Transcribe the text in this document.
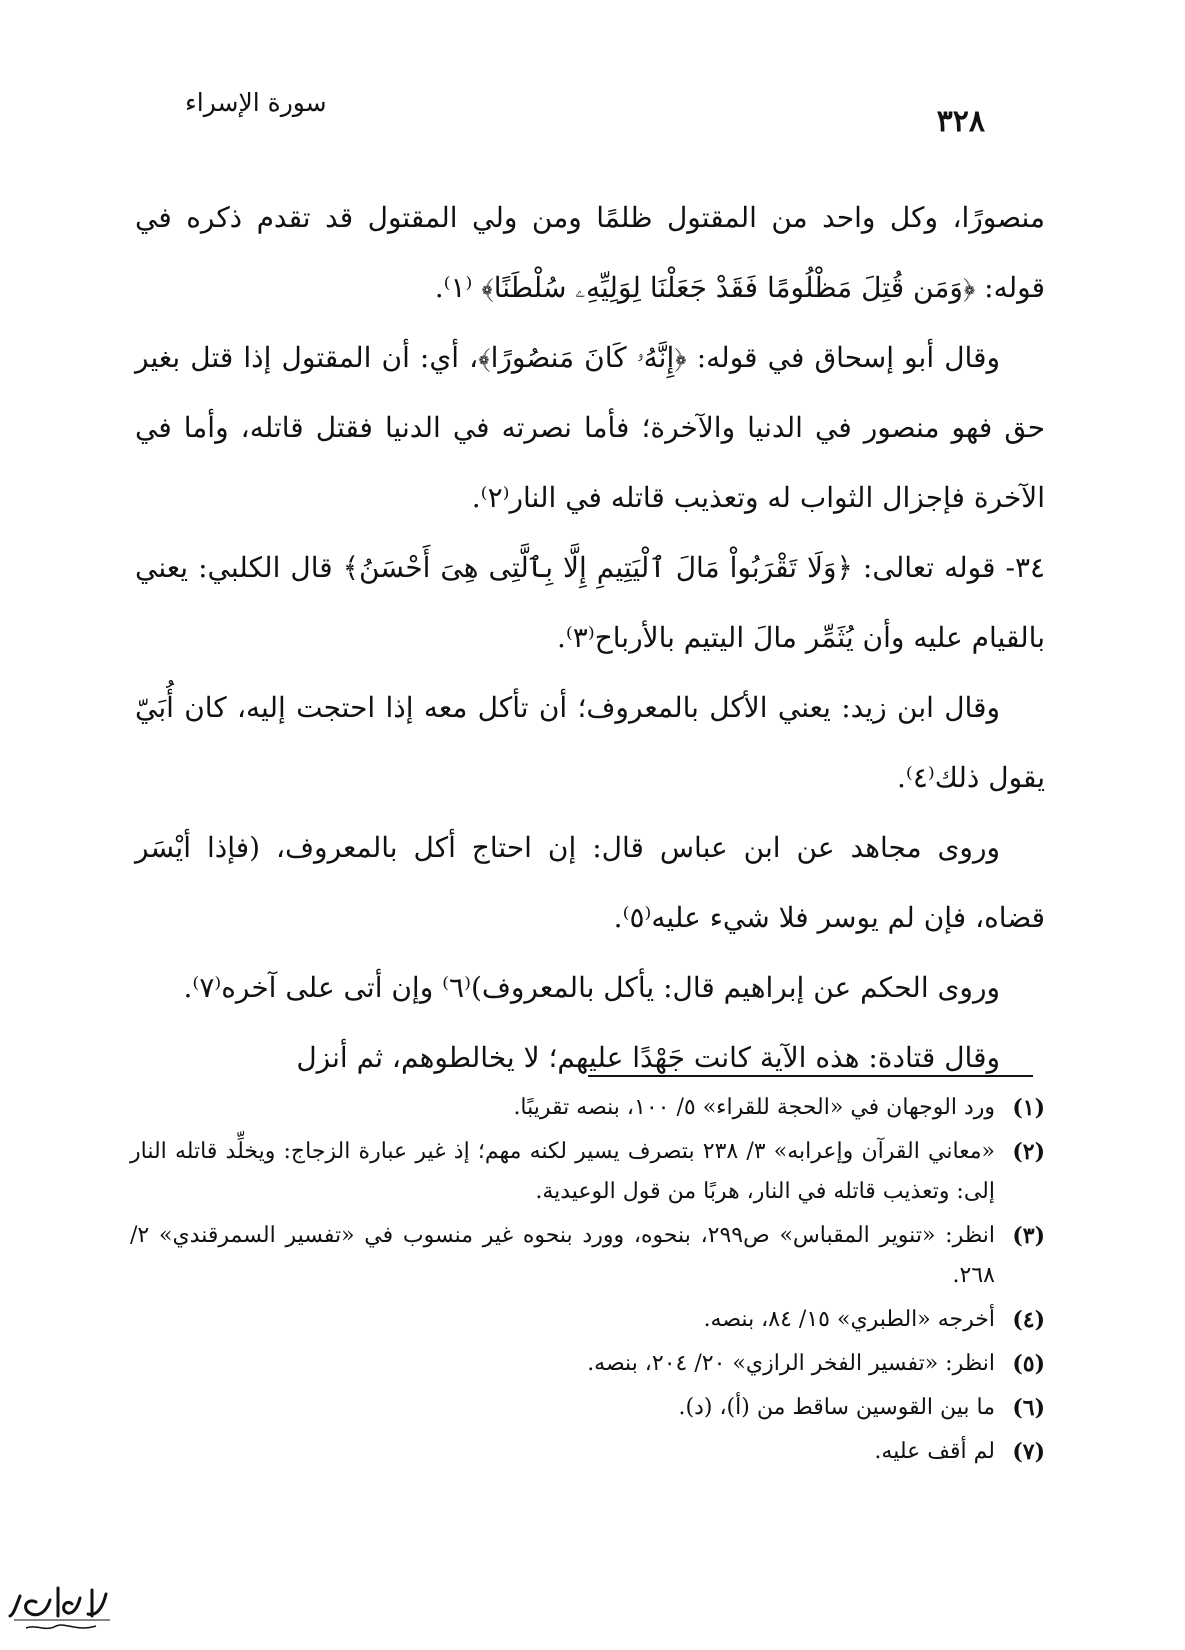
سورة الإسراء
٣٢٨

منصورًا، وكل واحد من المقتول ظلمًا ومن ولي المقتول قد تقدم ذكره في قوله: ﴿وَمَن قُتِلَ مَظْلُومًا فَقَدْ جَعَلْنَا لِوَلِيِّهِۦ سُلْطَنًا﴾ ⁽١⁾.

وقال أبو إسحاق في قوله: ﴿إِنَّهُۥ كَانَ مَنصُورًا﴾، أي: أن المقتول إذا قتل بغير حق فهو منصور في الدنيا والآخرة؛ فأما نصرته في الدنيا فقتل قاتله، وأما في الآخرة فإجزال الثواب له وتعذيب قاتله في النار⁽٢⁾.

٣٤- قوله تعالى: ﴿وَلَا تَقْرَبُواْ مَالَ ٱلْيَتِيمِ إِلَّا بِٱلَّتِى هِىَ أَحْسَنُ﴾ قال الكلبي: يعني بالقيام عليه وأن يُثَمِّر مالَ اليتيم بالأرباح⁽٣⁾.

وقال ابن زيد: يعني الأكل بالمعروف؛ أن تأكل معه إذا احتجت إليه، كان أُبَيّ يقول ذلك⁽٤⁾.

وروى مجاهد عن ابن عباس قال: إن احتاج أكل بالمعروف، (فإذا أيْسَر قضاه، فإن لم يوسر فلا شيء عليه⁽٥⁾.

وروى الحكم عن إبراهيم قال: يأكل بالمعروف)⁽٦⁾ وإن أتى على آخره⁽٧⁾.

وقال قتادة: هذه الآية كانت جَهْدًا عليهم؛ لا يخالطوهم، ثم أنزل

(١)
ورد الوجهان في «الحجة للقراء» ٥/ ١٠٠، بنصه تقريبًا.
(٢)
«معاني القرآن وإعرابه» ٣/ ٢٣٨ بتصرف يسير لكنه مهم؛ إذ غير عبارة الزجاج: ويخلِّد قاتله النار إلى: وتعذيب قاتله في النار، هربًا من قول الوعيدية.
(٣)
انظر: «تنوير المقباس» ص٢٩٩، بنحوه، وورد بنحوه غير منسوب في «تفسير السمرقندي» ٢/ ٢٦٨.
(٤)
أخرجه «الطبري» ١٥/ ٨٤، بنصه.
(٥)
انظر: «تفسير الفخر الرازي» ٢٠/ ٢٠٤، بنصه.
(٦)
ما بين القوسين ساقط من (أ)، (د).
(٧)
لم أقف عليه.
